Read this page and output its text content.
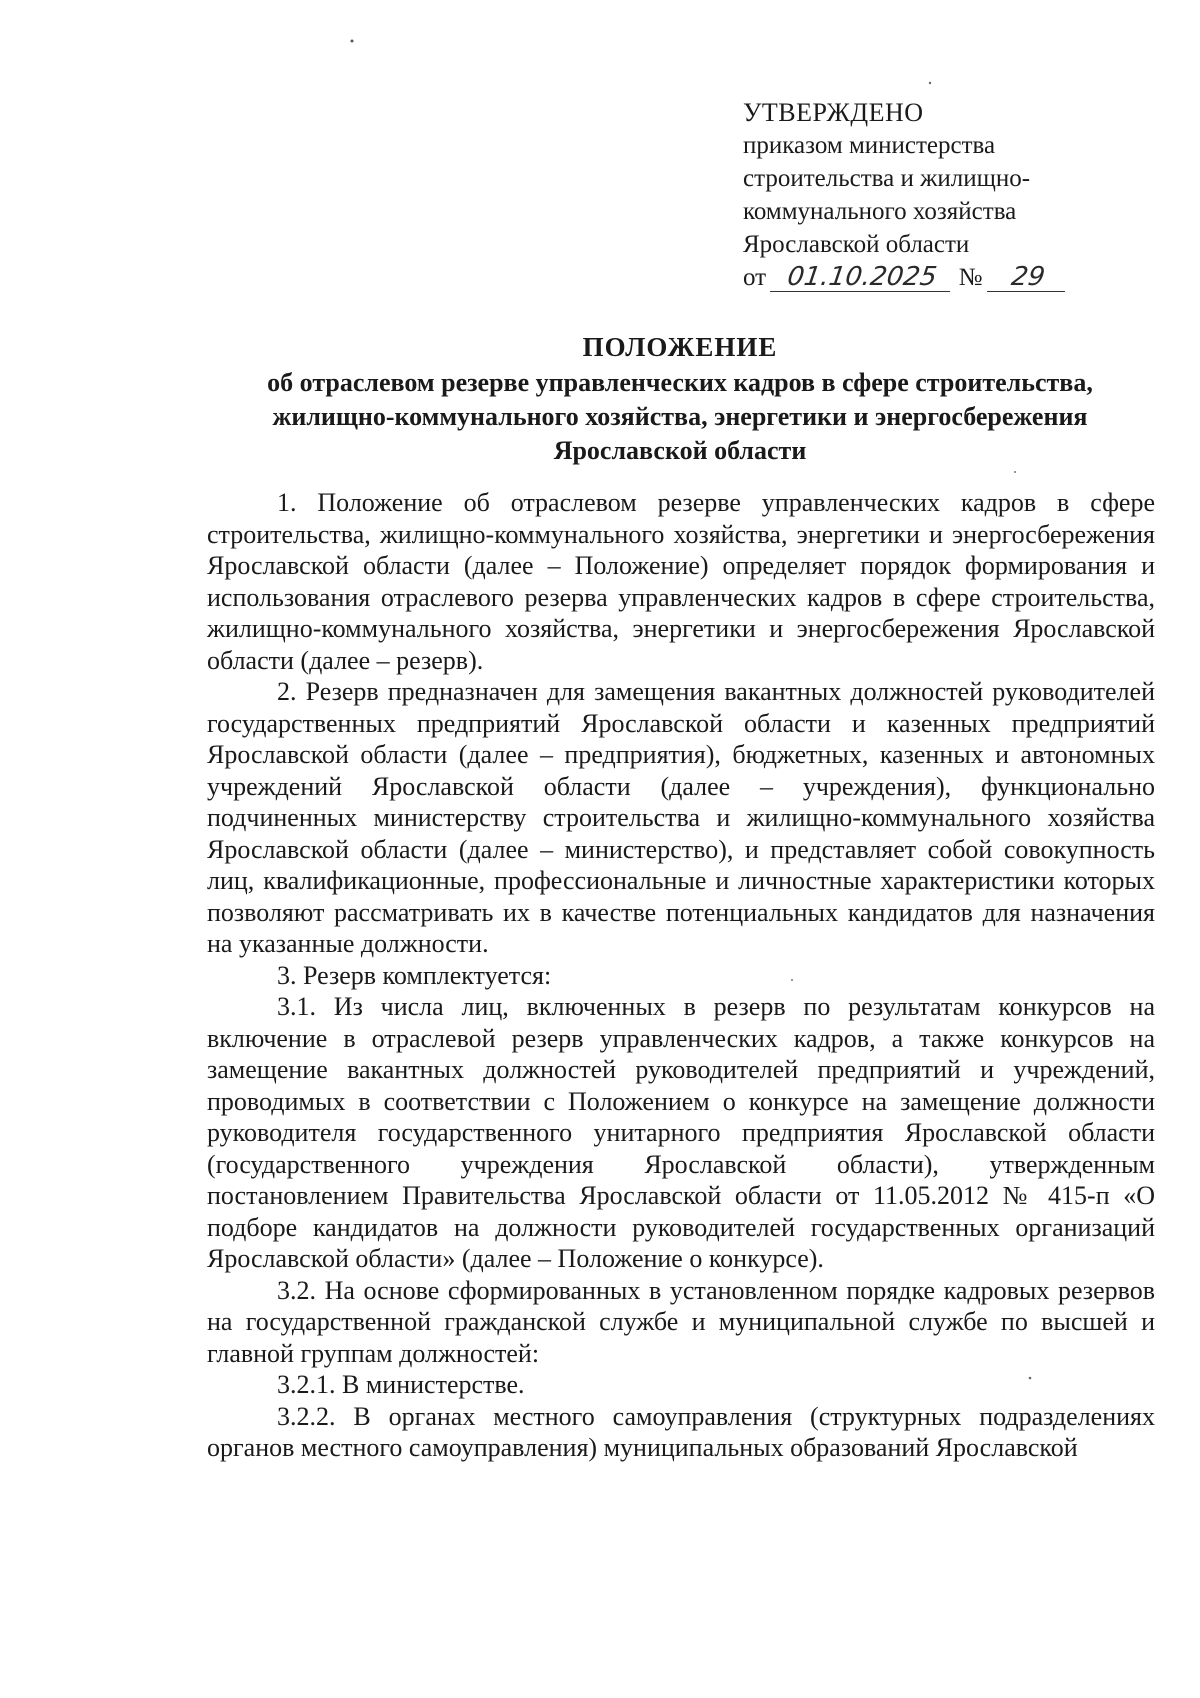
УТВЕРЖДЕНО
приказом министерства
строительства и жилищно-
коммунального хозяйства
Ярославской области
от 01.10.2025 № 29
ПОЛОЖЕНИЕ
об отраслевом резерве управленческих кадров в сфере строительства,
жилищно-коммунального хозяйства, энергетики и энергосбережения
Ярославской области

1. Положение об отраслевом резерве управленческих кадров в сфере строительства, жилищно-коммунального хозяйства, энергетики и энергосбережения Ярославской области (далее – Положение) определяет порядок формирования и использования отраслевого резерва управленческих кадров в сфере строительства, жилищно-коммунального хозяйства, энергетики и энергосбережения Ярославской области (далее – резерв).

2. Резерв предназначен для замещения вакантных должностей руководителей государственных предприятий Ярославской области и казенных предприятий Ярославской области (далее – предприятия), бюджетных, казенных и автономных учреждений Ярославской области (далее – учреждения), функционально подчиненных министерству строительства и жилищно-коммунального хозяйства Ярославской области (далее – министерство), и представляет собой совокупность лиц, квалификационные, профессиональные и личностные характеристики которых позволяют рассматривать их в качестве потенциальных кандидатов для назначения на указанные должности.

3. Резерв комплектуется:

3.1. Из числа лиц, включенных в резерв по результатам конкурсов на включение в отраслевой резерв управленческих кадров, а также конкурсов на замещение вакантных должностей руководителей предприятий и учреждений, проводимых в соответствии с Положением о конкурсе на замещение должности руководителя государственного унитарного предприятия Ярославской области (государственного учреждения Ярославской области), утвержденным постановлением Правительства Ярославской области от 11.05.2012 № 415-п «О подборе кандидатов на должности руководителей государственных организаций Ярославской области» (далее – Положение о конкурсе).

3.2. На основе сформированных в установленном порядке кадровых резервов на государственной гражданской службе и муниципальной службе по высшей и главной группам должностей:

3.2.1. В министерстве.

3.2.2. В органах местного самоуправления (структурных подразделениях органов местного самоуправления) муниципальных образований Ярославской
